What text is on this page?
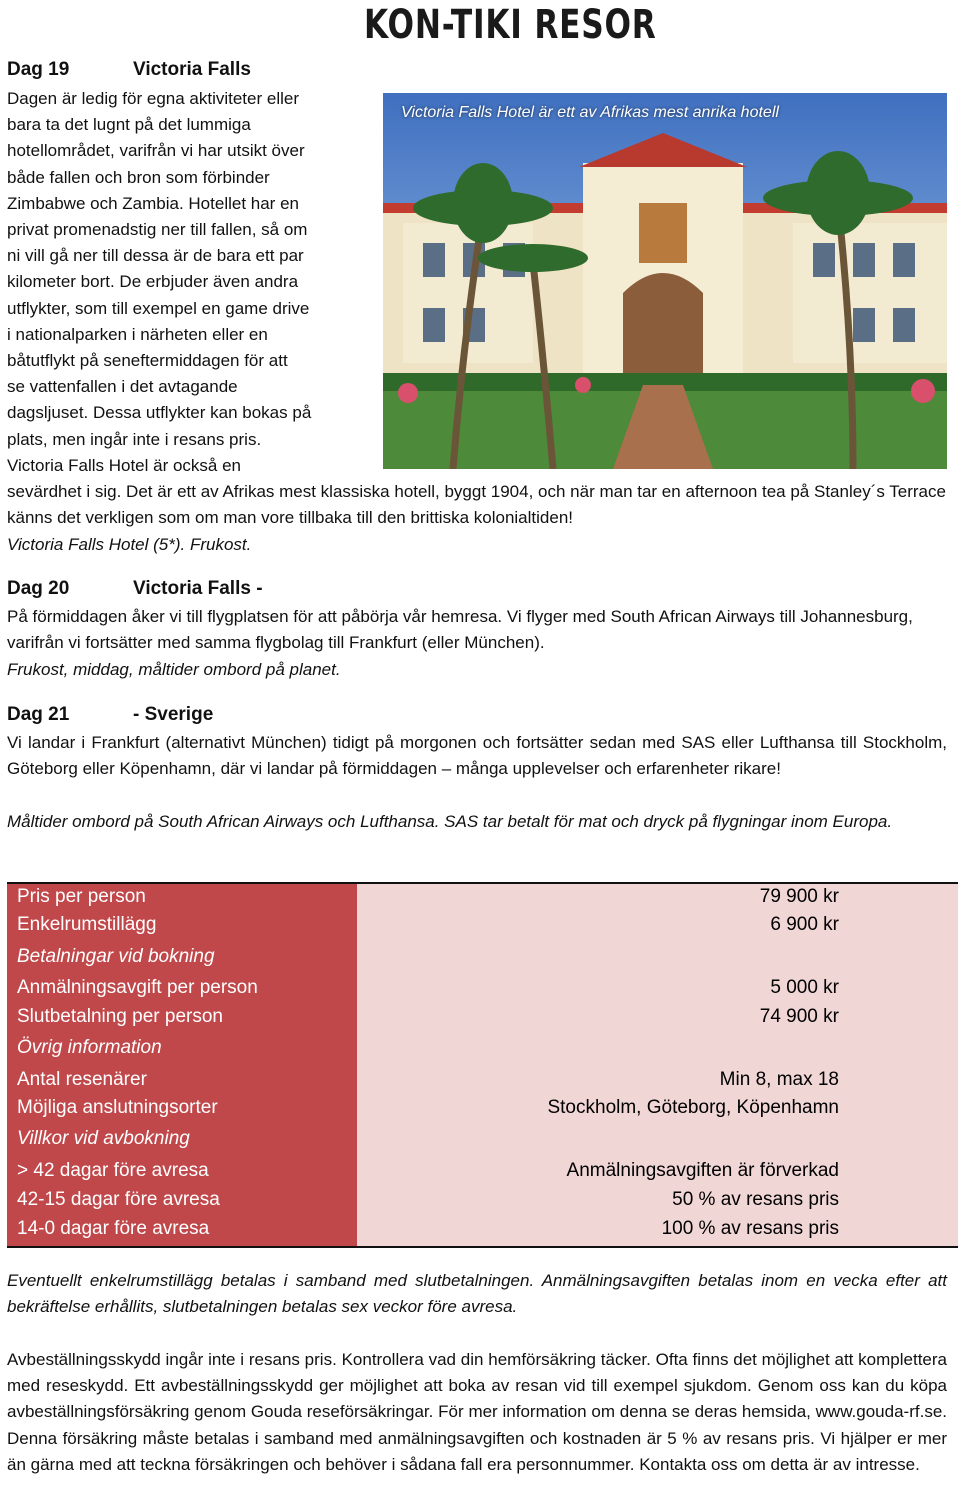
KON-TIKI RESOR
Victoria Falls Hotel är ett av Afrikas mest anrika hotell
Dag 19	Victoria Falls
Dagen är ledig för egna aktiviteter eller
bara ta det lugnt på det lummiga
hotellområdet, varifrån vi har utsikt över
både fallen och bron som förbinder
Zimbabwe och Zambia. Hotellet har en
privat promenadstig ner till fallen, så om
ni vill gå ner till dessa är de bara ett par
kilometer bort. De erbjuder även andra
utflykter, som till exempel en game drive
i nationalparken i närheten eller en
båtutflykt på seneftermiddagen för att
se vattenfallen i det avtagande
dagsljuset. Dessa utflykter kan bokas på
plats, men ingår inte i resans pris.
Victoria Falls Hotel är också en
sevärdhet i sig. Det är ett av Afrikas mest klassiska hotell, byggt 1904, och när man tar en afternoon tea på Stanley´s Terrace känns det verkligen som om man vore tillbaka till den brittiska kolonialtiden!
Victoria Falls Hotel (5*). Frukost.
Dag 20	Victoria Falls -
På förmiddagen åker vi till flygplatsen för att påbörja vår hemresa. Vi flyger med South African Airways till Johannesburg, varifrån vi fortsätter med samma flygbolag till Frankfurt (eller München).
Frukost, middag, måltider ombord på planet.
Dag 21	- Sverige
Vi landar i Frankfurt (alternativt München) tidigt på morgonen och fortsätter sedan med SAS eller Lufthansa till Stockholm, Göteborg eller Köpenhamn, där vi landar på förmiddagen – många upplevelser och erfarenheter rikare!
Måltider ombord på South African Airways och Lufthansa. SAS tar betalt för mat och dryck på flygningar inom Europa.
Pris per person	79 900 kr
Enkelrumstillägg	6 900 kr
Betalningar vid bokning
Anmälningsavgift per person	5 000 kr
Slutbetalning per person	74 900 kr
Övrig information
Antal resenärer	Min 8, max 18
Möjliga anslutningsorter	Stockholm, Göteborg, Köpenhamn
Villkor vid avbokning
> 42 dagar före avresa	Anmälningsavgiften är förverkad
42-15 dagar före avresa	50 % av resans pris
14-0 dagar före avresa	100 % av resans pris
Eventuellt enkelrumstillägg betalas i samband med slutbetalningen. Anmälningsavgiften betalas inom en vecka efter att bekräftelse erhållits, slutbetalningen betalas sex veckor före avresa.
Avbeställningsskydd ingår inte i resans pris. Kontrollera vad din hemförsäkring täcker. Ofta finns det möjlighet att komplettera med reseskydd. Ett avbeställningsskydd ger möjlighet att boka av resan vid till exempel sjukdom. Genom oss kan du köpa avbeställningsförsäkring genom Gouda reseförsäkringar. För mer information om denna se deras hemsida, www.gouda-rf.se. Denna försäkring måste betalas i samband med anmälningsavgiften och kostnaden är 5 % av resans pris. Vi hjälper er mer än gärna med att teckna försäkringen och behöver i sådana fall era personnummer. Kontakta oss om detta är av intresse.
